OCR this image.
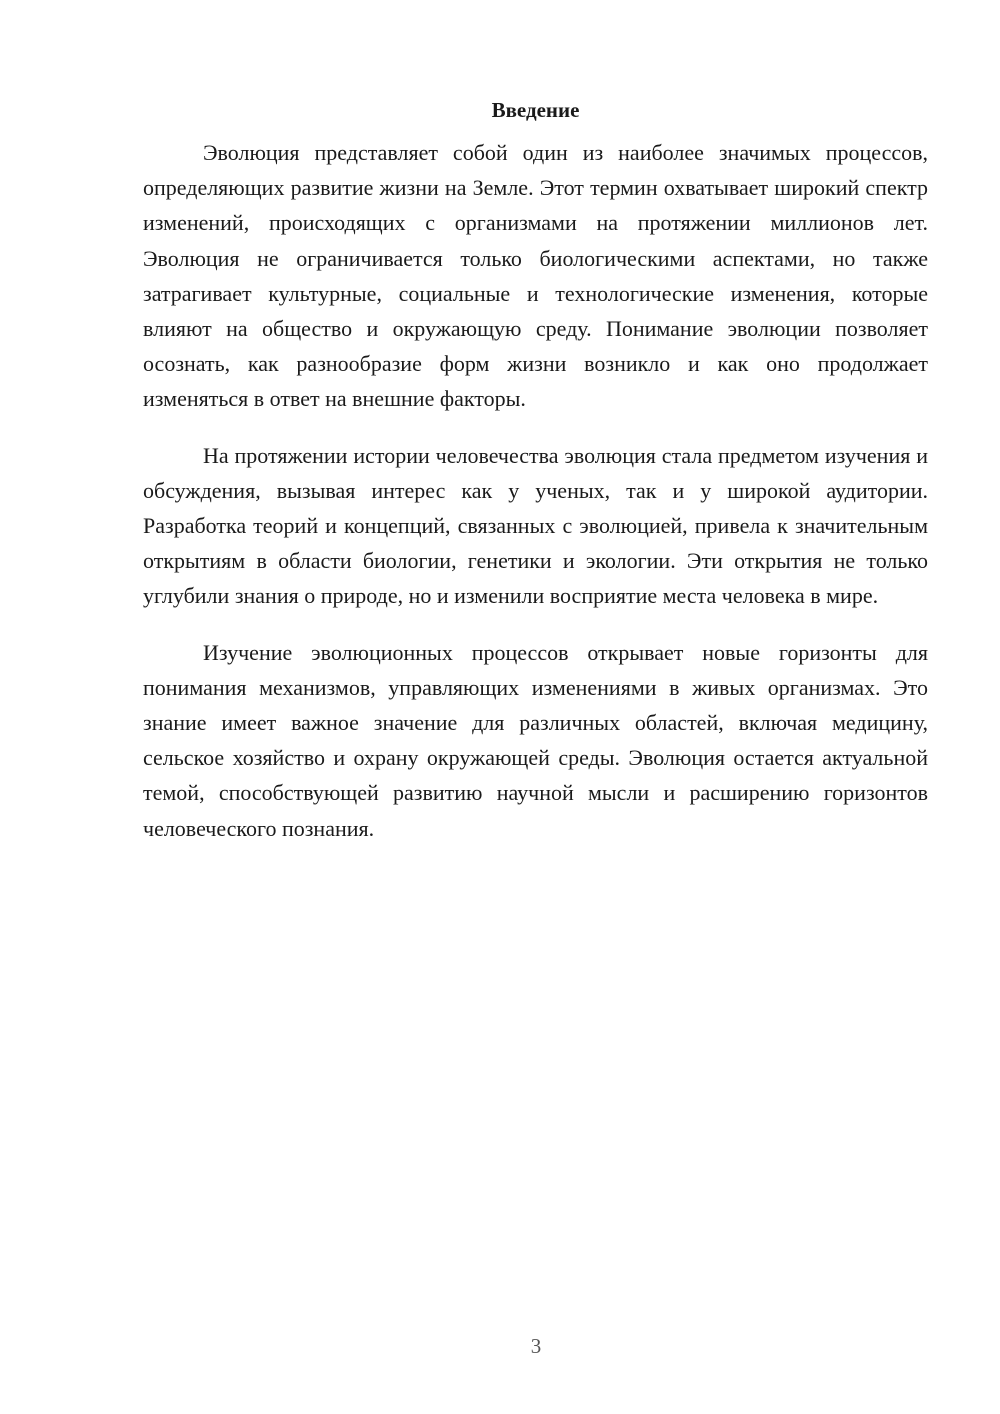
Введение

Эволюция представляет собой один из наиболее значимых процессов, определяющих развитие жизни на Земле. Этот термин охватывает широкий спектр изменений, происходящих с организмами на протяжении миллионов лет. Эволюция не ограничивается только биологическими аспектами, но также затрагивает культурные, социальные и технологические изменения, которые влияют на общество и окружающую среду. Понимание эволюции позволяет осознать, как разнообразие форм жизни возникло и как оно продолжает изменяться в ответ на внешние факторы.

На протяжении истории человечества эволюция стала предметом изучения и обсуждения, вызывая интерес как у ученых, так и у широкой аудитории. Разработка теорий и концепций, связанных с эволюцией, привела к значительным открытиям в области биологии, генетики и экологии. Эти открытия не только углубили знания о природе, но и изменили восприятие места человека в мире.

Изучение эволюционных процессов открывает новые горизонты для понимания механизмов, управляющих изменениями в живых организмах. Это знание имеет важное значение для различных областей, включая медицину, сельское хозяйство и охрану окружающей среды. Эволюция остается актуальной темой, способствующей развитию научной мысли и расширению горизонтов человеческого познания.

3
